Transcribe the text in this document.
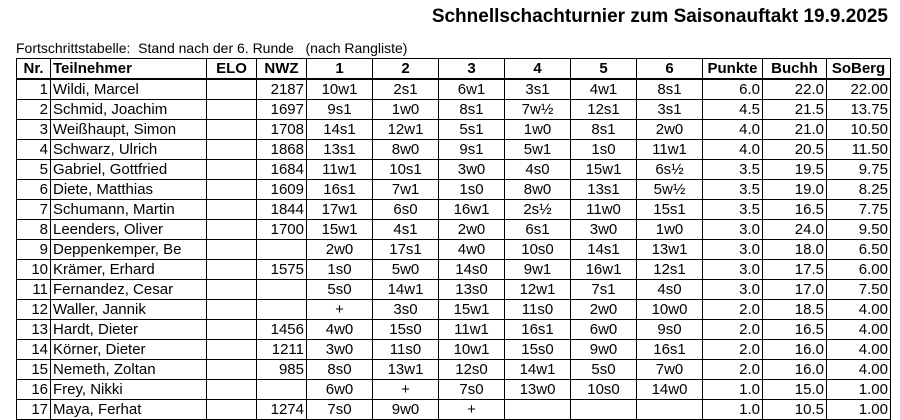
Schnellschachturnier zum Saisonauftakt 19.9.2025

Fortschrittstabelle:  Stand nach der 6. Runde   (nach Rangliste)

Nr.	Teilnehmer	ELO	NWZ	1	2	3	4	5	6	Punkte	Buchh	SoBerg
1	Wildi, Marcel		2187	10w1	2s1	6w1	3s1	4w1	8s1	6.0	22.0	22.00
2	Schmid, Joachim		1697	9s1	1w0	8s1	7w½	12s1	3s1	4.5	21.5	13.75
3	Weißhaupt, Simon		1708	14s1	12w1	5s1	1w0	8s1	2w0	4.0	21.0	10.50
4	Schwarz, Ulrich		1868	13s1	8w0	9s1	5w1	1s0	11w1	4.0	20.5	11.50
5	Gabriel, Gottfried		1684	11w1	10s1	3w0	4s0	15w1	6s½	3.5	19.5	9.75
6	Diete, Matthias		1609	16s1	7w1	1s0	8w0	13s1	5w½	3.5	19.0	8.25
7	Schumann, Martin		1844	17w1	6s0	16w1	2s½	11w0	15s1	3.5	16.5	7.75
8	Leenders, Oliver		1700	15w1	4s1	2w0	6s1	3w0	1w0	3.0	24.0	9.50
9	Deppenkemper, Be			2w0	17s1	4w0	10s0	14s1	13w1	3.0	18.0	6.50
10	Krämer, Erhard		1575	1s0	5w0	14s0	9w1	16w1	12s1	3.0	17.5	6.00
11	Fernandez, Cesar			5s0	14w1	13s0	12w1	7s1	4s0	3.0	17.0	7.50
12	Waller, Jannik			+	3s0	15w1	11s0	2w0	10w0	2.0	18.5	4.00
13	Hardt, Dieter		1456	4w0	15s0	11w1	16s1	6w0	9s0	2.0	16.5	4.00
14	Körner, Dieter		1211	3w0	11s0	10w1	15s0	9w0	16s1	2.0	16.0	4.00
15	Nemeth, Zoltan		985	8s0	13w1	12s0	14w1	5s0	7w0	2.0	16.0	4.00
16	Frey, Nikki			6w0	+	7s0	13w0	10s0	14w0	1.0	15.0	1.00
17	Maya, Ferhat		1274	7s0	9w0	+				1.0	10.5	1.00
